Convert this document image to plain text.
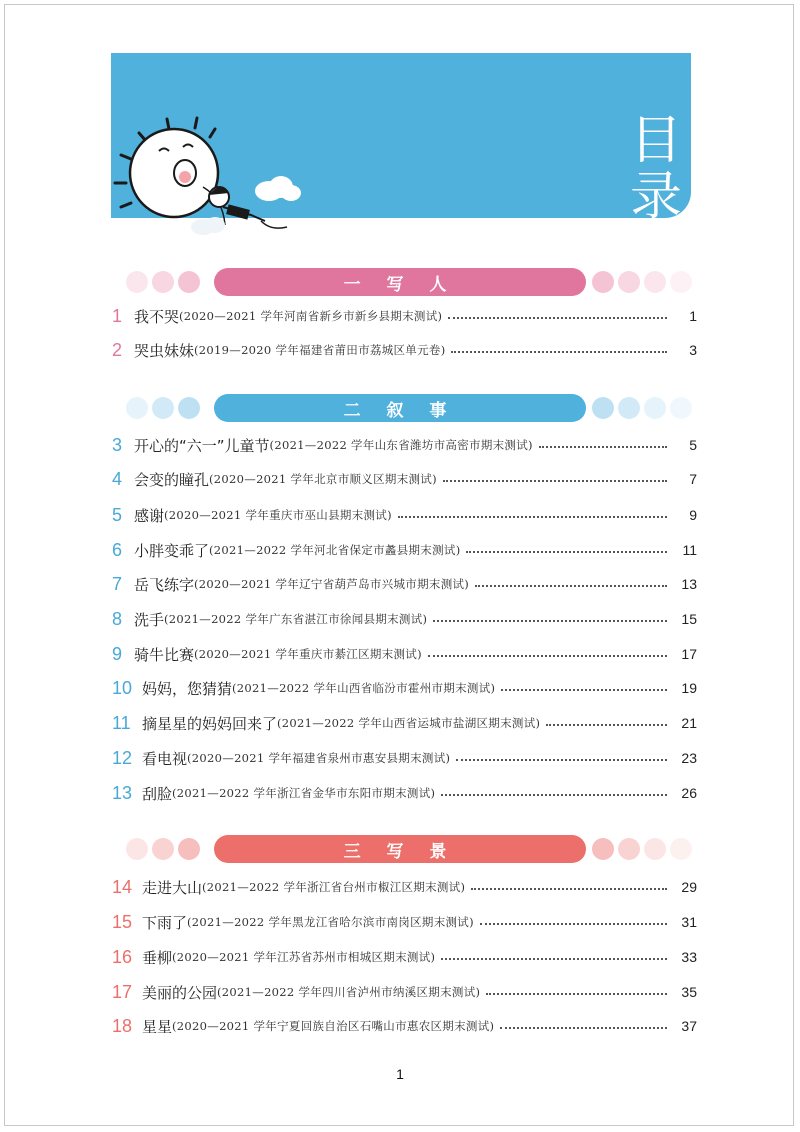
目
录
一 写 人
二 叙 事
三 写 景
1 我不哭 (2020—2021 学年河南省新乡市新乡县期末测试)	1
2 哭虫妹妹 (2019—2020 学年福建省莆田市荔城区单元卷)	3
3 开心的“六一”儿童节 (2021—2022 学年山东省潍坊市高密市期末测试)	5
4 会变的瞳孔 (2020—2021 学年北京市顺义区期末测试)	7
5 感谢 (2020—2021 学年重庆市巫山县期末测试)	9
6 小胖变乖了 (2021—2022 学年河北省保定市蠡县期末测试)	11
7 岳飞练字 (2020—2021 学年辽宁省葫芦岛市兴城市期末测试)	13
8 洗手 (2021—2022 学年广东省湛江市徐闻县期末测试)	15
9 骑牛比赛 (2020—2021 学年重庆市綦江区期末测试)	17
10 妈妈，您猜猜 (2021—2022 学年山西省临汾市霍州市期末测试)	19
11 摘星星的妈妈回来了 (2021—2022 学年山西省运城市盐湖区期末测试)	21
12 看电视 (2020—2021 学年福建省泉州市惠安县期末测试)	23
13 刮脸 (2021—2022 学年浙江省金华市东阳市期末测试)	26
14 走进大山 (2021—2022 学年浙江省台州市椒江区期末测试)	29
15 下雨了 (2021—2022 学年黑龙江省哈尔滨市南岗区期末测试)	31
16 垂柳 (2020—2021 学年江苏省苏州市相城区期末测试)	33
17 美丽的公园 (2021—2022 学年四川省泸州市纳溪区期末测试)	35
18 星星 (2020—2021 学年宁夏回族自治区石嘴山市惠农区期末测试)	37
1
